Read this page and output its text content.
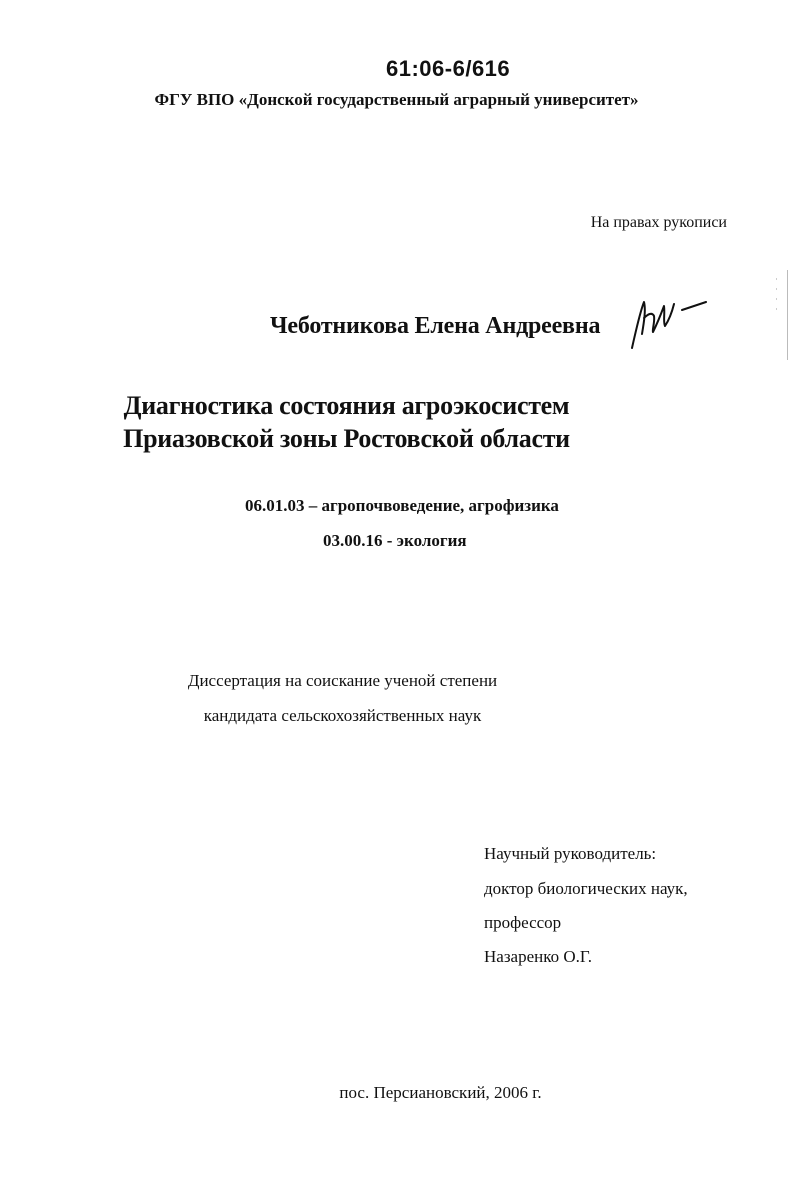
61:06-6/616
ФГУ ВПО «Донской государственный аграрный университет»
На правах рукописи
Чеботникова Елена Андреевна
Диагностика состояния агроэкосистем
Приазовской зоны Ростовской области
06.01.03 – агропочвоведение, агрофизика
03.00.16 - экология
Диссертация на соискание ученой степени
кандидата сельскохозяйственных наук
Научный руководитель:
доктор биологических наук,
профессор
Назаренко О.Г.
пос. Персиановский, 2006 г.
